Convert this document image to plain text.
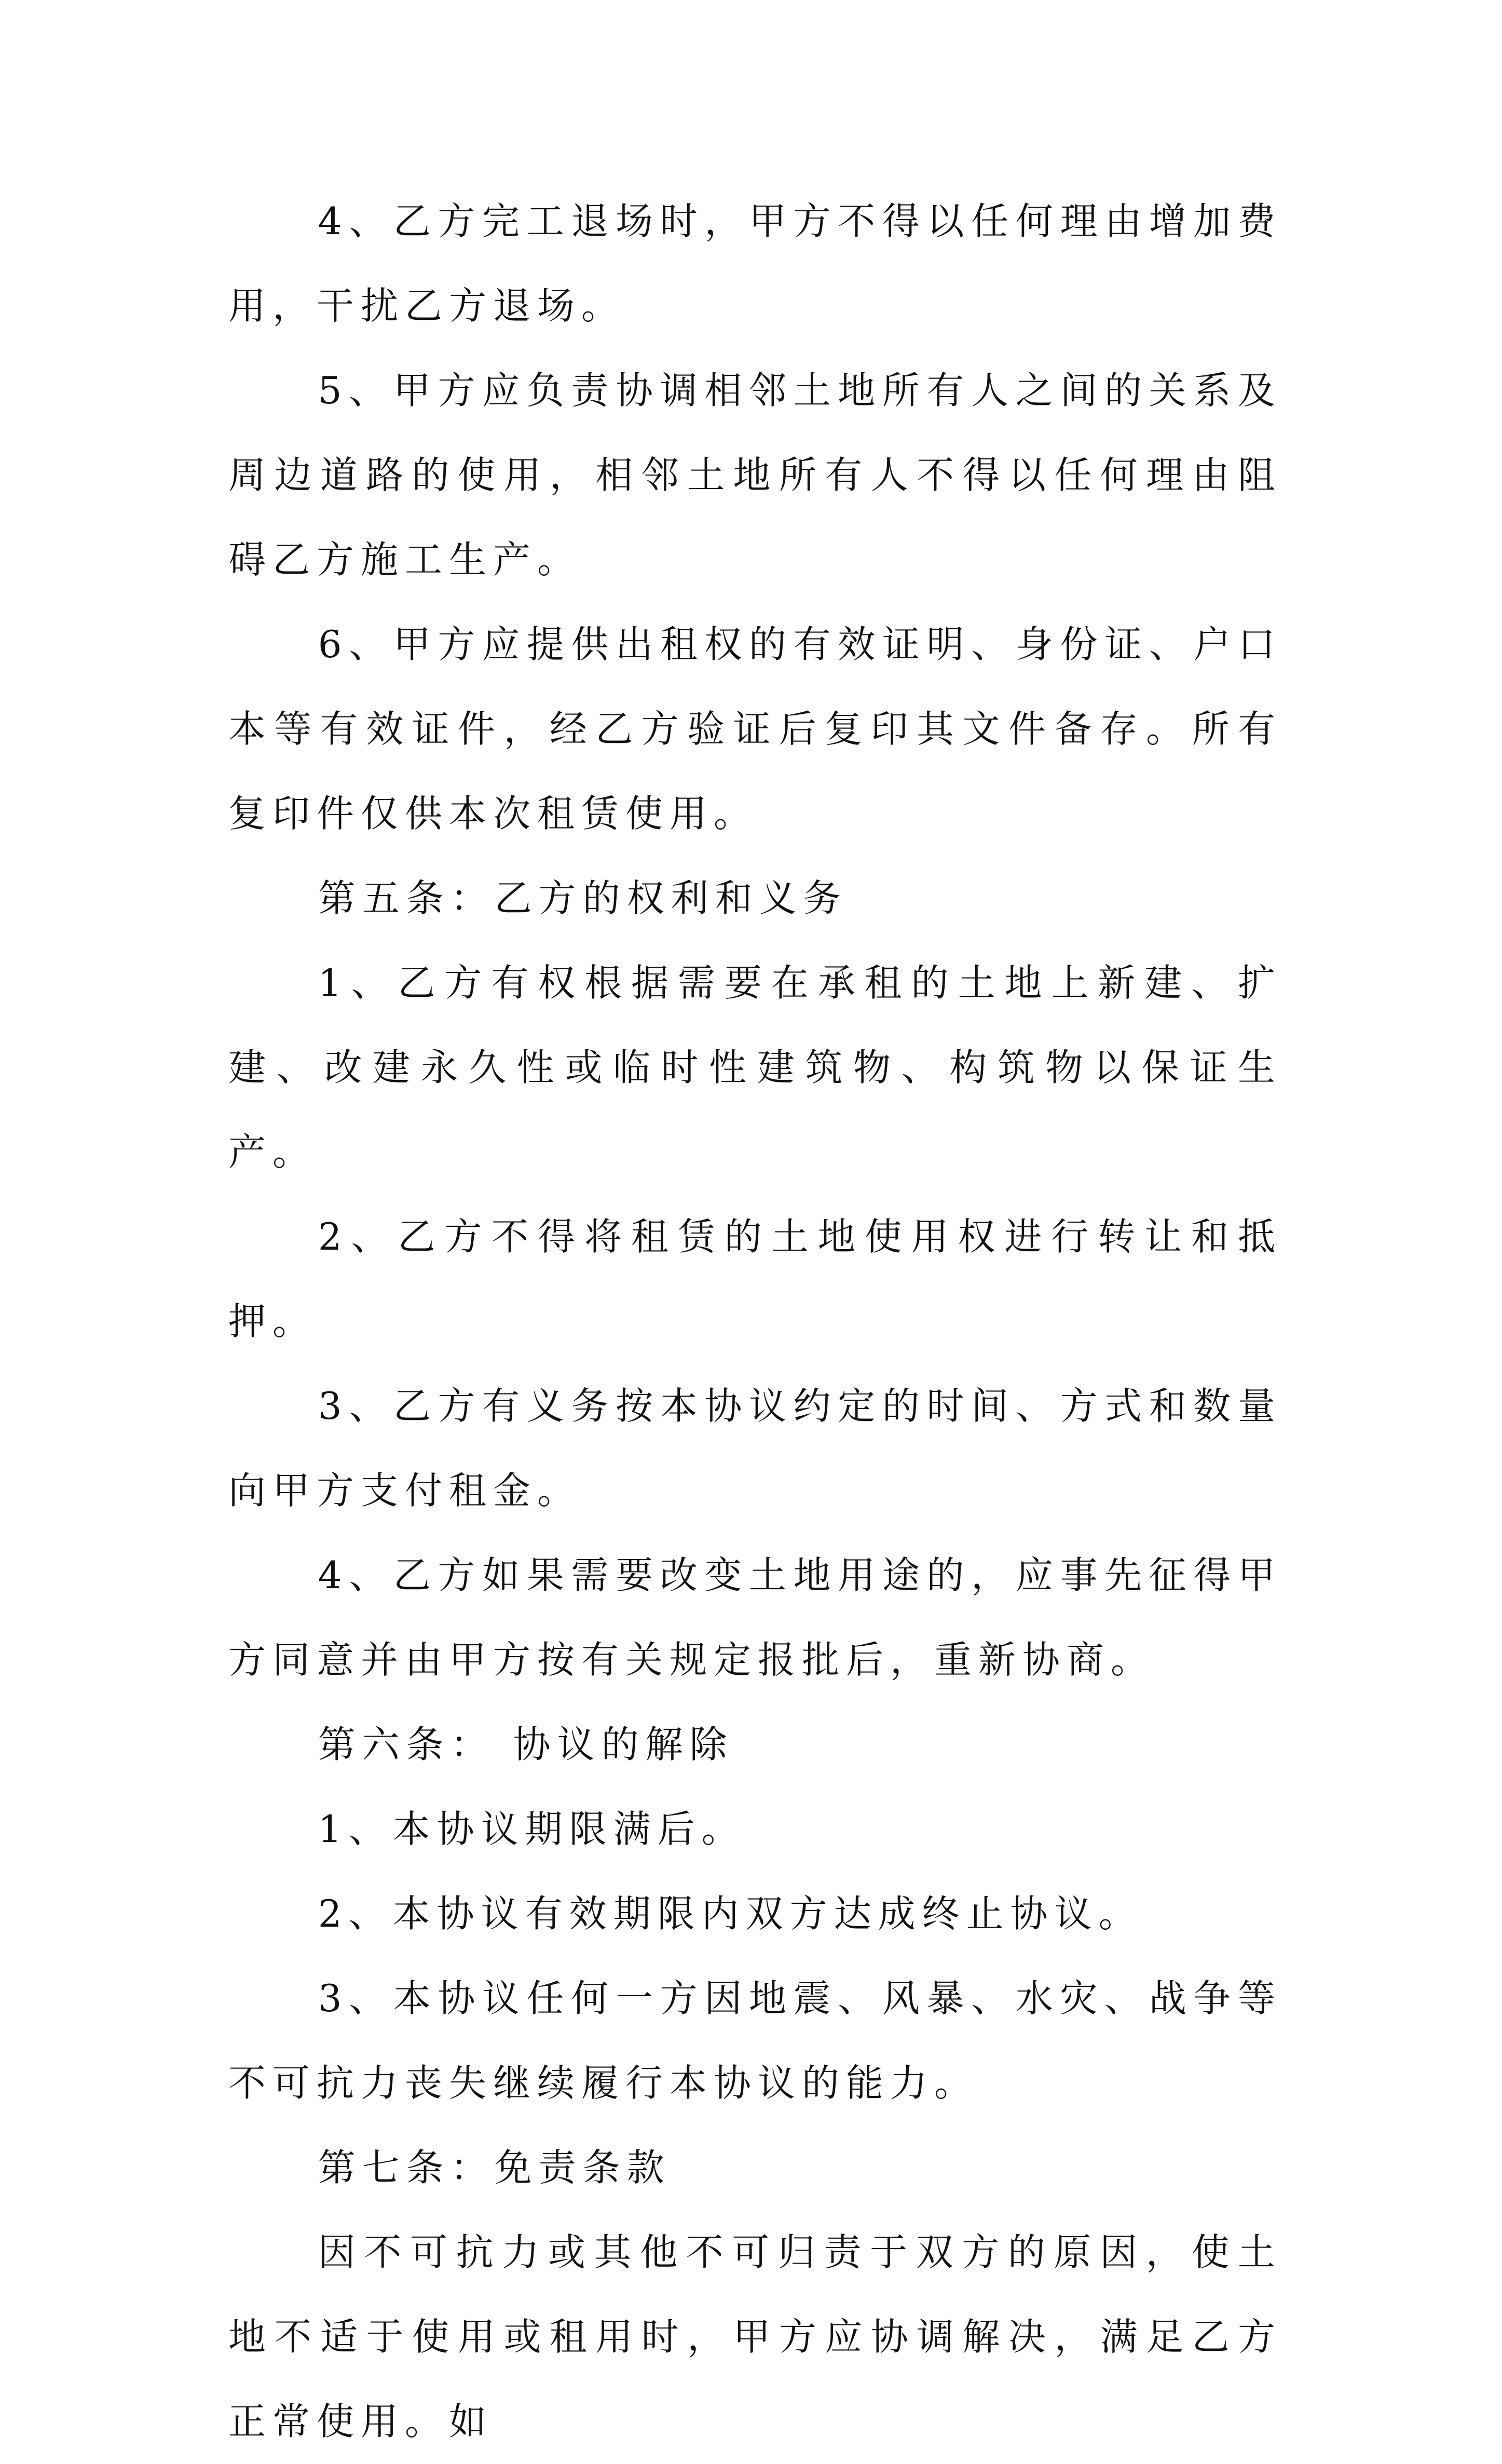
4、乙方完工退场时，甲方不得以任何理由增加费用，干扰乙方退场。

5、甲方应负责协调相邻土地所有人之间的关系及周边道路的使用，相邻土地所有人不得以任何理由阻碍乙方施工生产。

6、甲方应提供出租权的有效证明、身份证、户口本等有效证件，经乙方验证后复印其文件备存。所有复印件仅供本次租赁使用。

第五条：乙方的权利和义务

1、乙方有权根据需要在承租的土地上新建、扩建、改建永久性或临时性建筑物、构筑物以保证生产。

2、乙方不得将租赁的土地使用权进行转让和抵押。

3、乙方有义务按本协议约定的时间、方式和数量向甲方支付租金。

4、乙方如果需要改变土地用途的，应事先征得甲方同意并由甲方按有关规定报批后，重新协商。

第六条： 协议的解除

1、本协议期限满后。

2、本协议有效期限内双方达成终止协议。

3、本协议任何一方因地震、风暴、水灾、战争等不可抗力丧失继续履行本协议的能力。

第七条：免责条款

因不可抗力或其他不可归责于双方的原因，使土地不适于使用或租用时，甲方应协调解决，满足乙方正常使用。如
